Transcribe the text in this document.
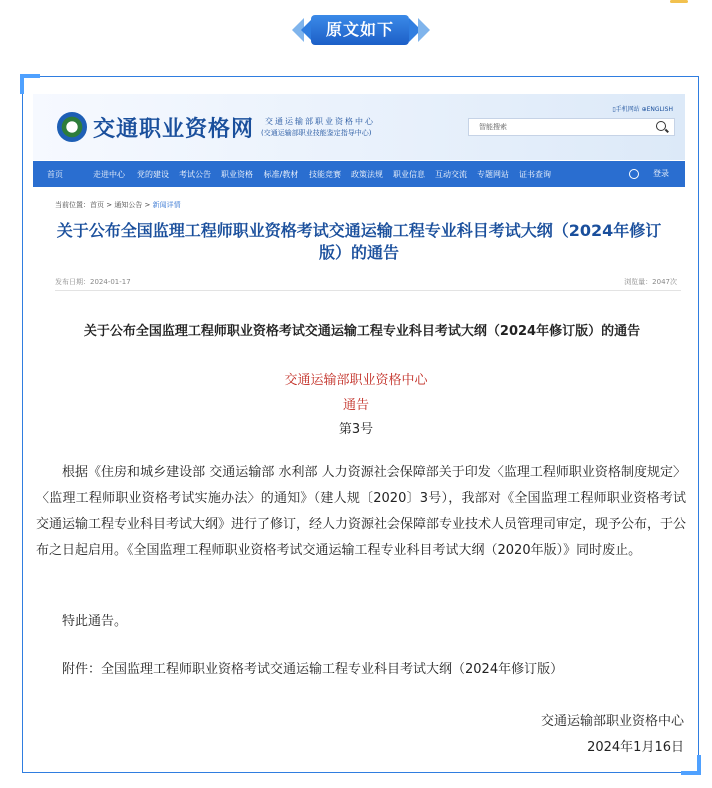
原文如下
交通职业资格网 交通运输部职业资格中心
(交通运输部职业技能鉴定指导中心)
▯手机网站 ⊕ENGLISH
智能搜索
首页	走进中心	党的建设	考试公告	职业资格	标准/教材	技能竞赛	政策法规	职业信息	互动交流	专题网站	证书查询	登录
当前位置：首页 > 通知公告 > 新闻详情
关于公布全国监理工程师职业资格考试交通运输工程专业科目考试大纲（2024年修订版）的通告
发布日期：2024-01-17	浏览量：2047次
关于公布全国监理工程师职业资格考试交通运输工程专业科目考试大纲（2024年修订版）的通告
交通运输部职业资格中心
通告
第3号
根据《住房和城乡建设部 交通运输部 水利部 人力资源社会保障部关于印发〈监理工程师职业资格制度规定〉〈监理工程师职业资格考试实施办法〉的通知》（建人规〔2020〕3号），我部对《全国监理工程师职业资格考试交通运输工程专业科目考试大纲》进行了修订，经人力资源社会保障部专业技术人员管理司审定，现予公布，于公布之日起启用。《全国监理工程师职业资格考试交通运输工程专业科目考试大纲（2020年版）》同时废止。
特此通告。
附件：全国监理工程师职业资格考试交通运输工程专业科目考试大纲（2024年修订版）
交通运输部职业资格中心
2024年1月16日
